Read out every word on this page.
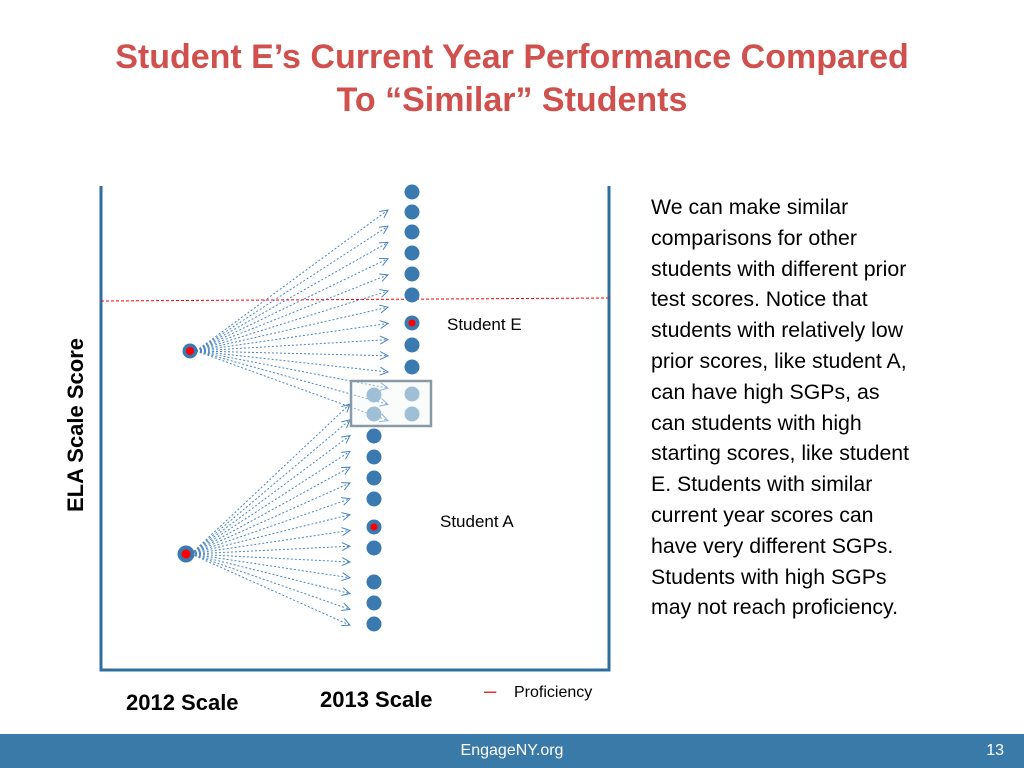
Student E’s Current Year Performance Compared
To “Similar” Students
ELA Scale Score
2012 Scale	2013 Scale – Proficiency
Student E
Student A
We can make similar
comparisons for other
students with different prior
test scores. Notice that
students with relatively low
prior scores, like student A,
can have high SGPs, as
can students with high
starting scores, like student
E. Students with similar
current year scores can
have very different SGPs.
Students with high SGPs
may not reach proficiency.
EngageNY.org	13
